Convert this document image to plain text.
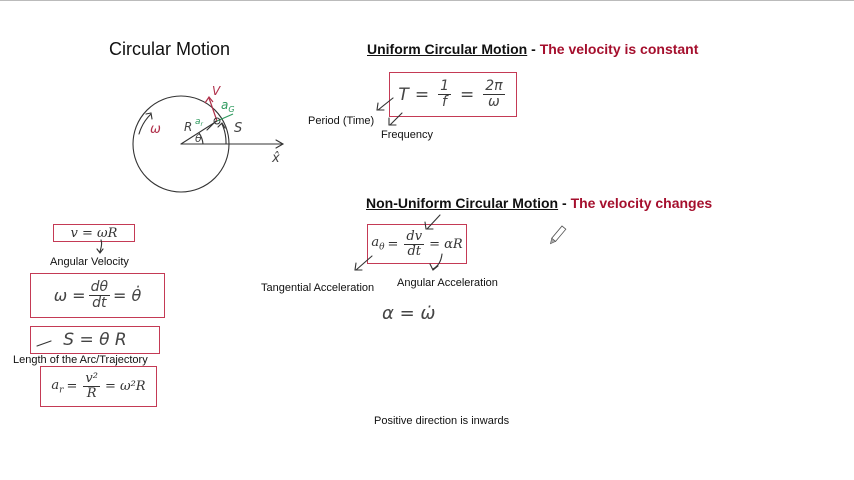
Circular Motion	Uniform Circular Motion - The velocity is constant
$T = \frac{1}{f} = \frac{2\pi}{\omega}$
Period (Time)
Frequency
Non-Uniform Circular Motion - The velocity changes
$a_\theta = \frac{dv}{dt} = \alpha R$
Tangential Acceleration Angular Acceleration
α = ω̇
v = ωR
Angular Velocity
$\omega = \frac{d\theta}{dt}$ = θ̇
S = θ R
Length of the Arc/Trajectory
$a_r = \frac{\text{v²}}{R} = \omega^2R$
Positive direction is inwards
V
$a_G$
$a_r$
R
ω
θ
S
x̂
